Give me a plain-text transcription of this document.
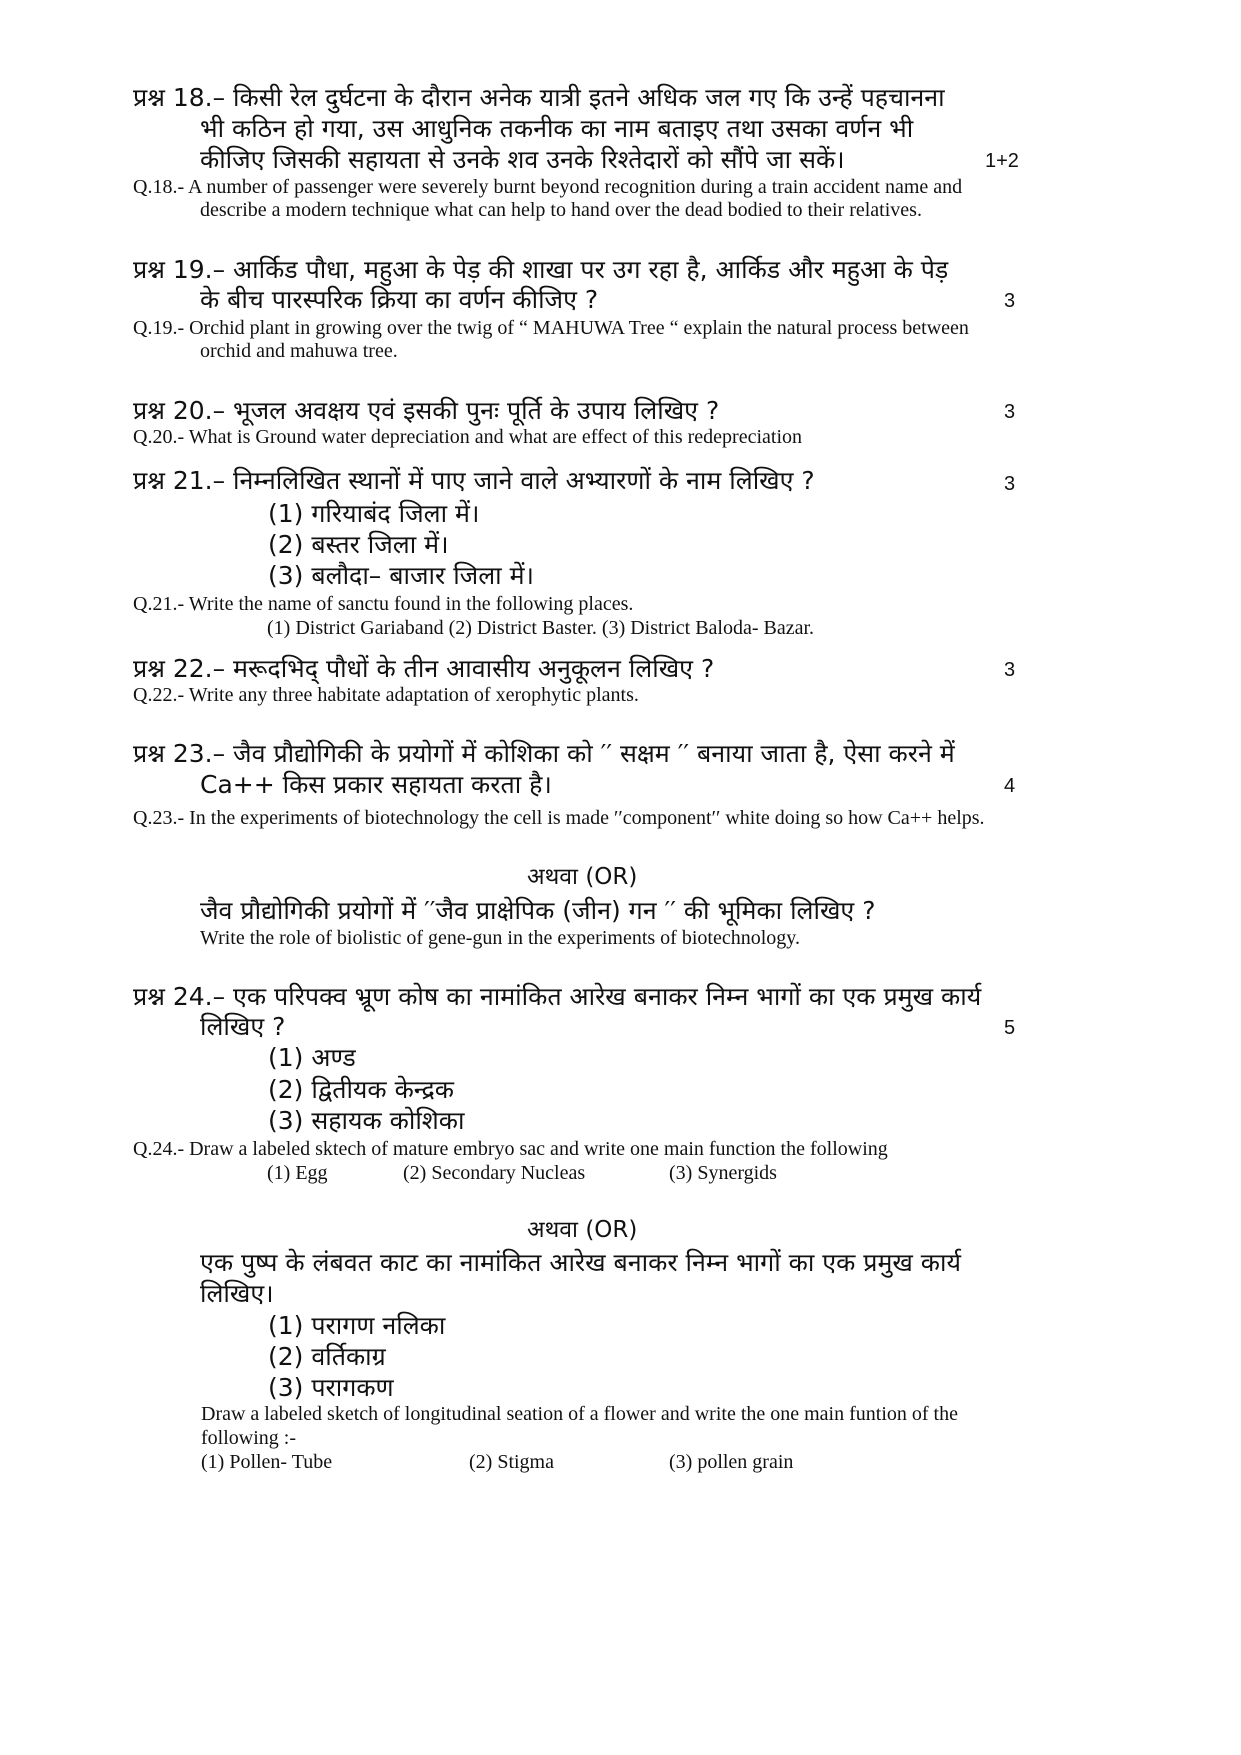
प्रश्न 18.– किसी रेल दुर्घटना के दौरान अनेक यात्री इतने अधिक जल गए कि उन्हें पहचानना
भी कठिन हो गया, उस आधुनिक तकनीक का नाम बताइए तथा उसका वर्णन भी
कीजिए जिसकी सहायता से उनके शव उनके रिश्तेदारों को सौंपे जा सकें।	1+2
Q.18.- A number of passenger were severely burnt beyond recognition during a train accident name and
describe a modern technique what can help to hand over the dead bodied to their relatives.
प्रश्न 19.– आर्किड पौधा, महुआ के पेड़ की शाखा पर उग रहा है, आर्किड और महुआ के पेड़
के बीच पारस्परिक क्रिया का वर्णन कीजिए ?	3
Q.19.- Orchid plant in growing over the twig of “ MAHUWA Tree “ explain the natural process between
orchid and mahuwa tree.
प्रश्न 20.– भूजल अवक्षय एवं इसकी पुनः पूर्ति के उपाय लिखिए ?	3
Q.20.- What is Ground water depreciation and what are effect of this redepreciation
प्रश्न 21.– निम्नलिखित स्थानों में पाए जाने वाले अभ्यारणों के नाम लिखिए ?	3
(1) गरियाबंद जिला में।
(2) बस्तर जिला में।
(3) बलौदा– बाजार जिला में।
Q.21.- Write the name of sanctu found in the following places.
(1) District Gariaband (2) District Baster. (3) District Baloda- Bazar.
प्रश्न 22.– मरूदभिद् पौधों के तीन आवासीय अनुकूलन लिखिए ?	3
Q.22.- Write any three habitate adaptation of xerophytic plants.
प्रश्न 23.– जैव प्रौद्योगिकी के प्रयोगों में कोशिका को ′′ सक्षम ′′ बनाया जाता है, ऐसा करने में
Ca++ किस प्रकार सहायता करता है।	4
Q.23.- In the experiments of biotechnology the cell is made ′′component′′ white doing so how Ca++ helps.
अथवा (OR)
जैव प्रौद्योगिकी प्रयोगों में ′′जैव प्राक्षेपिक (जीन) गन ′′ की भूमिका लिखिए ?
Write the role of biolistic of gene-gun in the experiments of biotechnology.
प्रश्न 24.– एक परिपक्व भ्रूण कोष का नामांकित आरेख बनाकर निम्न भागों का एक प्रमुख कार्य
लिखिए ?	5
(1) अण्ड
(2) द्वितीयक केन्द्रक
(3) सहायक कोशिका
Q.24.- Draw a labeled sktech of mature embryo sac and write one main function the following
(1) Egg	(2) Secondary Nucleas	(3) Synergids
अथवा (OR)
एक पुष्प के लंबवत काट का नामांकित आरेख बनाकर निम्न भागों का एक प्रमुख कार्य
लिखिए।
(1) परागण नलिका
(2) वर्तिकाग्र
(3) परागकण
Draw a labeled sketch of longitudinal seation of a flower and write the one main funtion of the
following :-
(1) Pollen- Tube	(2) Stigma	(3) pollen grain
